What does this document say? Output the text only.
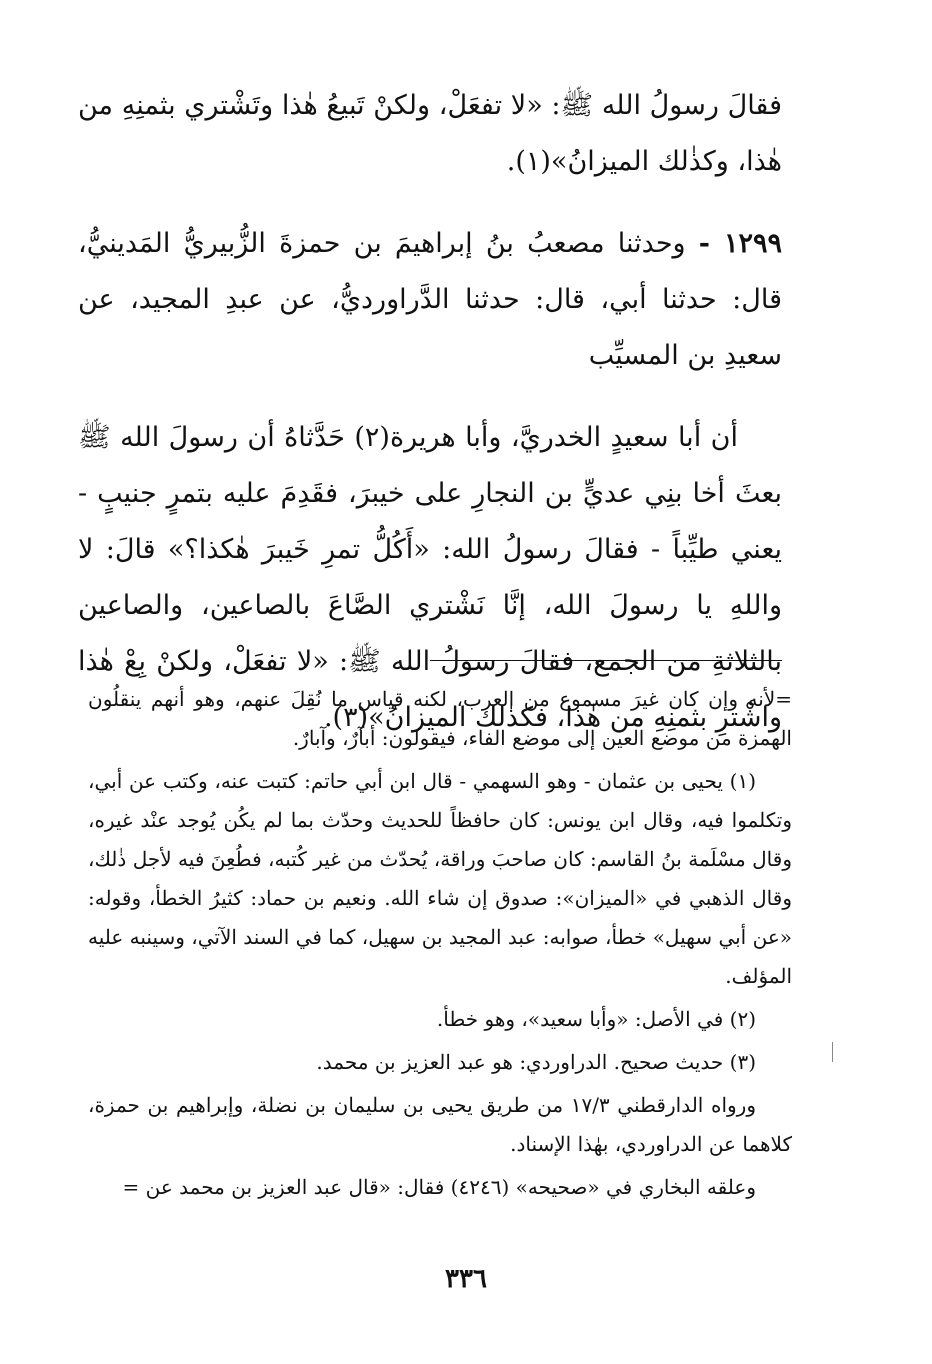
فقالَ رسولُ الله ﷺ: «لا تفعَلْ، ولكنْ تَبيعُ هٰذا وتَشْتري بثمنِهِ من هٰذا، وكذٰلك الميزانُ»(١).

١٢٩٩ - وحدثنا مصعبُ بنُ إبراهيمَ بن حمزةَ الزُّبيريُّ المَدينيُّ، قال: حدثنا أبي، قال: حدثنا الدَّراورديُّ، عن عبدِ المجيد، عن سعيدِ بن المسيِّب

أن أبا سعيدٍ الخدريَّ، وأبا هريرة(٢) حَدَّثاهُ أن رسولَ الله ﷺ بعثَ أخا بنِي عديٍّ بن النجارِ على خيبرَ، فقَدِمَ عليه بتمرٍ جنيبٍ - يعني طيِّباً - فقالَ رسولُ الله: «أَكُلُّ تمرِ خَيبرَ هٰكذا؟» قالَ: لا واللهِ يا رسولَ الله، إنَّا نَشْتري الصَّاعَ بالصاعين، والصاعين بالثلاثةِ من الجمع، فقالَ رسولُ الله ﷺ: «لا تفعَلْ، ولكنْ بِعْ هٰذا واشْترِ بثمنِهِ من هٰذا، فكذٰلك الميزانُ»(٣).

=لأنه وإن كان غيرَ مسموع من العرب، لكنه قياس ما نُقِلَ عنهم، وهو أنهم ينقلُون الهمزة من موضع العين إلى موضع الفاء، فيقولون: أبآرٌ، وآبارٌ.

(١) يحيى بن عثمان - وهو السهمي - قال ابن أبي حاتم: كتبت عنه، وكتب عن أبي، وتكلموا فيه، وقال ابن يونس: كان حافظاً للحديث وحدّث بما لم يكُن يُوجد عنْد غيره، وقال مسْلَمة بنُ القاسم: كان صاحبَ وراقة، يُحدّث من غير كُتبه، فطُعِنَ فيه لأجل ذٰلك، وقال الذهبي في «الميزان»: صدوق إن شاء الله. ونعيم بن حماد: كثيرُ الخطأ، وقوله: «عن أبي سهيل» خطأ، صوابه: عبد المجيد بن سهيل، كما في السند الآتي، وسينبه عليه المؤلف.

(٢) في الأصل: «وأبا سعيد»، وهو خطأ.

(٣) حديث صحيح. الدراوردي: هو عبد العزيز بن محمد.

ورواه الدارقطني ١٧/٣ من طريق يحيى بن سليمان بن نضلة، وإبراهيم بن حمزة، كلاهما عن الدراوردي، بهٰذا الإسناد.

وعلقه البخاري في «صحيحه» (٤٢٤٦) فقال: «قال عبد العزيز بن محمد عن =

٣٣٦
